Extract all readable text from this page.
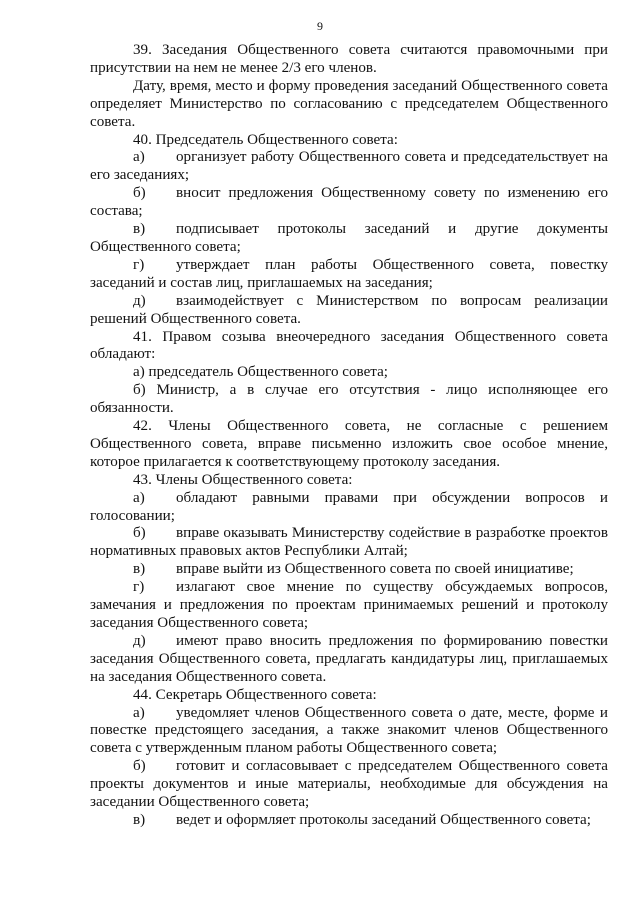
9

39. Заседания Общественного совета считаются правомочными при присутствии на нем не менее 2/3 его членов.

Дату, время, место и форму проведения заседаний Общественного совета определяет Министерство по согласованию с председателем Общественного совета.

40. Председатель Общественного совета:

а) организует работу Общественного совета и председательствует на его заседаниях;

б) вносит предложения Общественному совету по изменению его состава;

в) подписывает протоколы заседаний и другие документы Общественного совета;

г) утверждает план работы Общественного совета, повестку заседаний и состав лиц, приглашаемых на заседания;

д) взаимодействует с Министерством по вопросам реализации решений Общественного совета.

41. Правом созыва внеочередного заседания Общественного совета обладают:

а) председатель Общественного совета;

б) Министр, а в случае его отсутствия - лицо исполняющее его обязанности.

42. Члены Общественного совета, не согласные с решением Общественного совета, вправе письменно изложить свое особое мнение, которое прилагается к соответствующему протоколу заседания.

43. Члены Общественного совета:

а) обладают равными правами при обсуждении вопросов и голосовании;

б) вправе оказывать Министерству содействие в разработке проектов нормативных правовых актов Республики Алтай;

в) вправе выйти из Общественного совета по своей инициативе;

г) излагают свое мнение по существу обсуждаемых вопросов, замечания и предложения по проектам принимаемых решений и протоколу заседания Общественного совета;

д) имеют право вносить предложения по формированию повестки заседания Общественного совета, предлагать кандидатуры лиц, приглашаемых на заседания Общественного совета.

44. Секретарь Общественного совета:

а) уведомляет членов Общественного совета о дате, месте, форме и повестке предстоящего заседания, а также знакомит членов Общественного совета с утвержденным планом работы Общественного совета;

б) готовит и согласовывает с председателем Общественного совета проекты документов и иные материалы, необходимые для обсуждения на заседании Общественного совета;

в) ведет и оформляет протоколы заседаний Общественного совета;
